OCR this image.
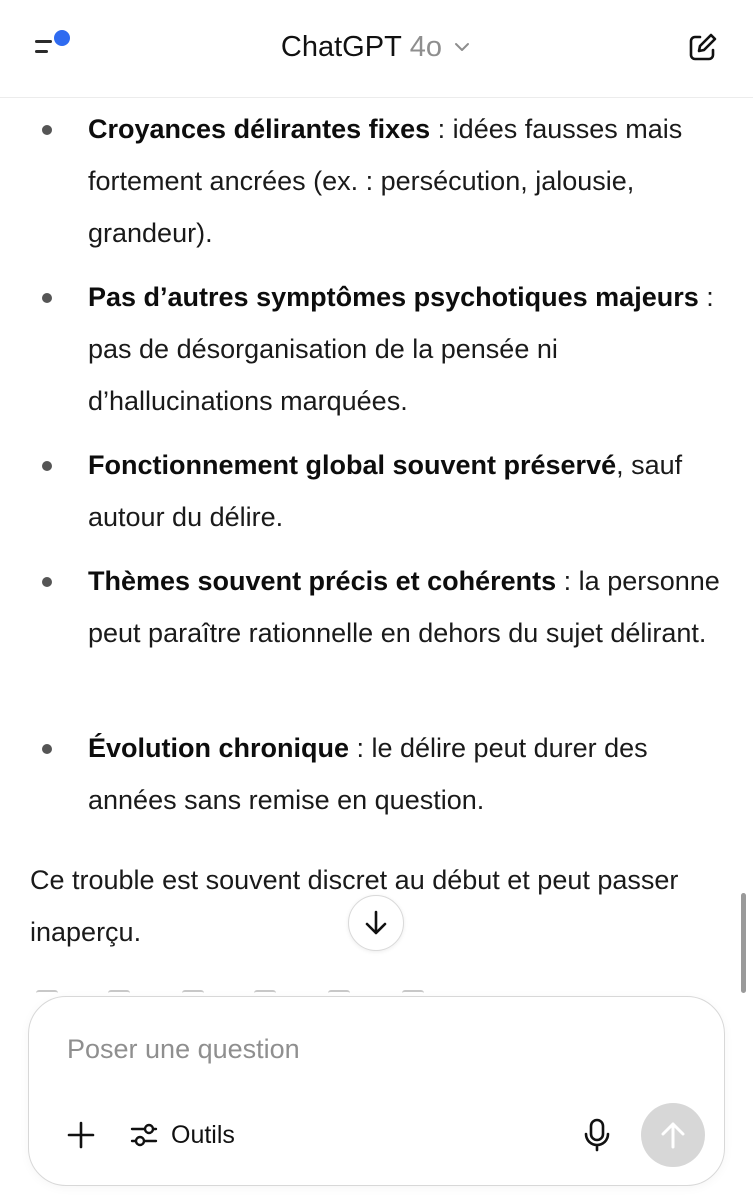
ChatGPT 4o
Croyances délirantes fixes : idées fausses mais fortement ancrées (ex. : persécution, jalousie, grandeur).
Pas d’autres symptômes psychotiques majeurs : pas de désorganisation de la pensée ni d’hallucinations marquées.
Fonctionnement global souvent préservé, sauf autour du délire.
Thèmes souvent précis et cohérents : la personne peut paraître rationnelle en dehors du sujet délirant.
Évolution chronique : le délire peut durer des années sans remise en question.

Ce trouble est souvent discret au début et peut passer inaperçu.

Poser une question
Outils
